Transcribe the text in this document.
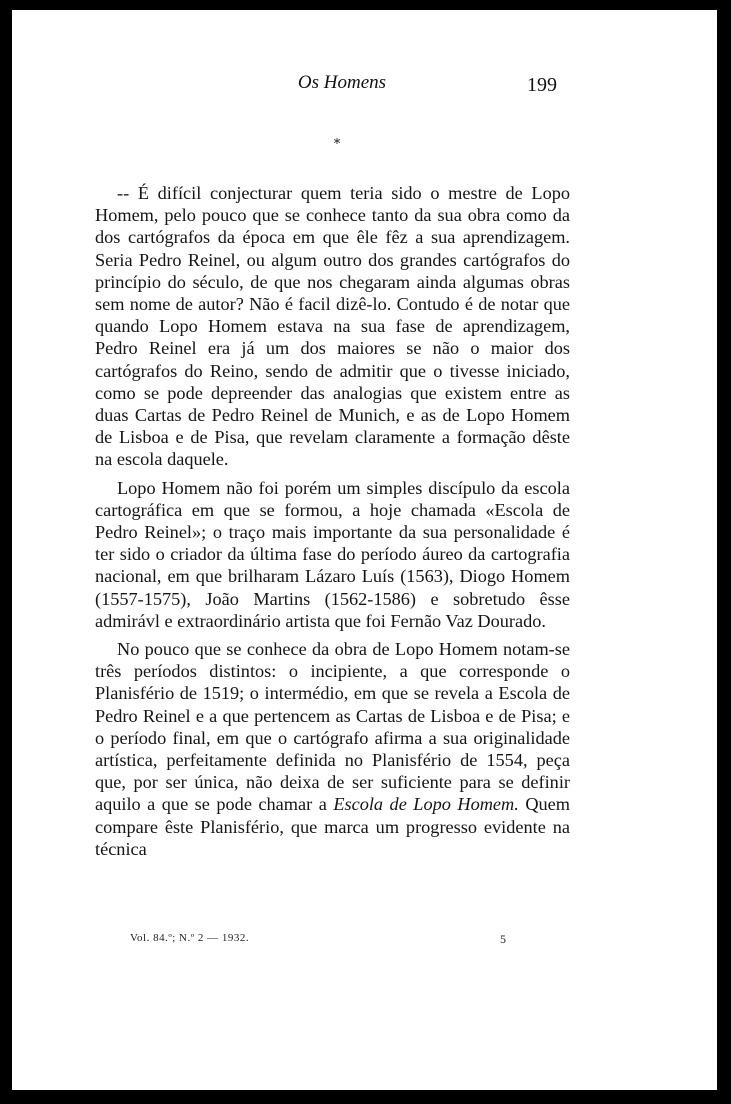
Os Homens	199
*

-- É difícil conjecturar quem teria sido o mestre de Lopo Homem, pelo pouco que se conhece tanto da sua obra como da dos cartógrafos da época em que êle fêz a sua aprendizagem. Seria Pedro Reinel, ou algum outro dos grandes cartógrafos do princípio do século, de que nos chegaram ainda algumas obras sem nome de autor? Não é facil dizê-lo. Contudo é de notar que quando Lopo Homem estava na sua fase de aprendizagem, Pedro Reinel era já um dos maiores se não o maior dos cartógrafos do Reino, sendo de admitir que o tivesse iniciado, como se pode depreender das analogias que existem entre as duas Cartas de Pedro Reinel de Munich, e as de Lopo Homem de Lisboa e de Pisa, que revelam claramente a formação dêste na escola daquele.

Lopo Homem não foi porém um simples discípulo da escola cartográfica em que se formou, a hoje chamada «Escola de Pedro Reinel»; o traço mais importante da sua personalidade é ter sido o criador da última fase do período áureo da cartografia nacional, em que brilharam Lázaro Luís (1563), Diogo Homem (1557-1575), João Martins (1562-1586) e sobretudo êsse admirávl e extraordinário artista que foi Fernão Vaz Dourado.

No pouco que se conhece da obra de Lopo Homem notam-se três períodos distintos: o incipiente, a que corresponde o Planisfério de 1519; o intermédio, em que se revela a Escola de Pedro Reinel e a que pertencem as Cartas de Lisboa e de Pisa; e o período final, em que o cartógrafo afirma a sua originalidade artística, perfeitamente definida no Planisfério de 1554, peça que, por ser única, não deixa de ser suficiente para se definir aquilo a que se pode chamar a Escola de Lopo Homem. Quem compare êste Planisfério, que marca um progresso evidente na técnica

Vol. 84.º; N.º 2 — 1932.	5
